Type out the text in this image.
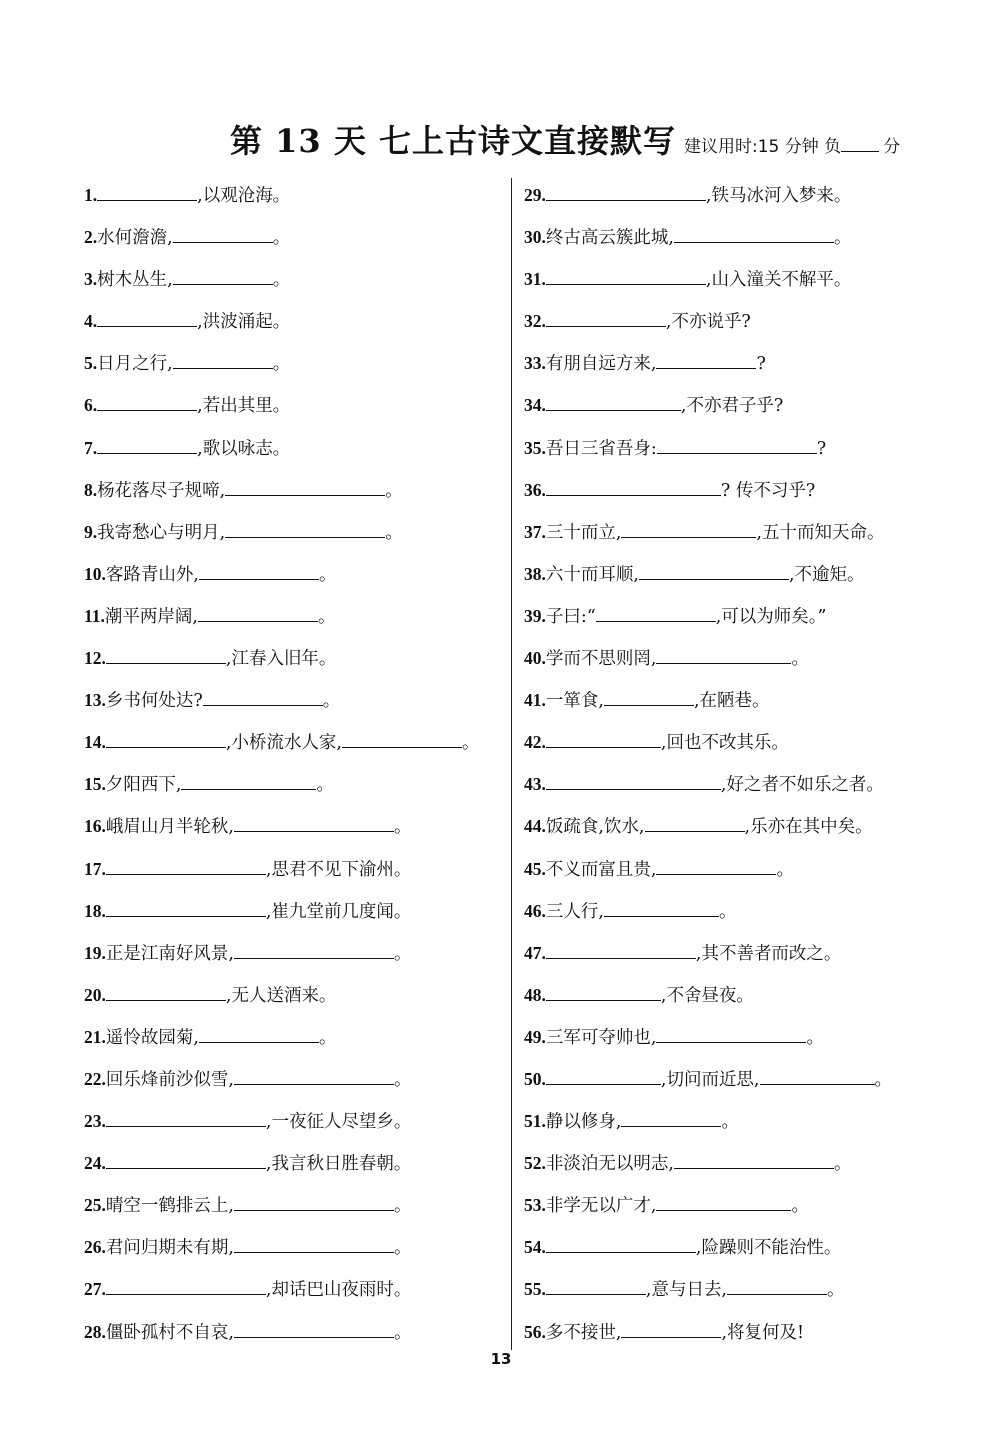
第 13 天 七上古诗文直接默写 建议用时:15 分钟 负 分
1.	,以观沧海。
2.水何澹澹,	。
3.树木丛生,	。
4.	,洪波涌起。
5.日月之行,	。
6.	,若出其里。
7.	,歌以咏志。
8.杨花落尽子规啼,	。
9.我寄愁心与明月,	。
10.客路青山外,	。
11.潮平两岸阔,	。
12.	,江春入旧年。
13.乡书何处达?	。
14.	,小桥流水人家,	。
15.夕阳西下,	。
16.峨眉山月半轮秋,	。
17.	,思君不见下渝州。
18.	,崔九堂前几度闻。
19.正是江南好风景,	。
20.	,无人送酒来。
21.遥怜故园菊,	。
22.回乐烽前沙似雪,	。
23.	,一夜征人尽望乡。
24.	,我言秋日胜春朝。
25.晴空一鹤排云上,	。
26.君问归期未有期,	。
27.	,却话巴山夜雨时。
28.僵卧孤村不自哀,	。
29.	,铁马冰河入梦来。
30.终古高云簇此城,	。
31.	,山入潼关不解平。
32.	,不亦说乎?
33.有朋自远方来,	?
34.	,不亦君子乎?
35.吾日三省吾身:	?
36.	? 传不习乎?
37.三十而立,	,五十而知天命。
38.六十而耳顺,	,不逾矩。
39.子曰:“	,可以为师矣。”
40.学而不思则罔,	。
41.一箪食,	,在陋巷。
42.	,回也不改其乐。
43.	,好之者不如乐之者。
44.饭疏食,饮水,	,乐亦在其中矣。
45.不义而富且贵,	。
46.三人行,	。
47.	,其不善者而改之。
48.	,不舍昼夜。
49.三军可夺帅也,	。
50.	,切问而近思,	。
51.静以修身,	。
52.非淡泊无以明志,	。
53.非学无以广才,	。
54.	,险躁则不能治性。
55.	,意与日去,	。
56.多不接世,	,将复何及!
13
